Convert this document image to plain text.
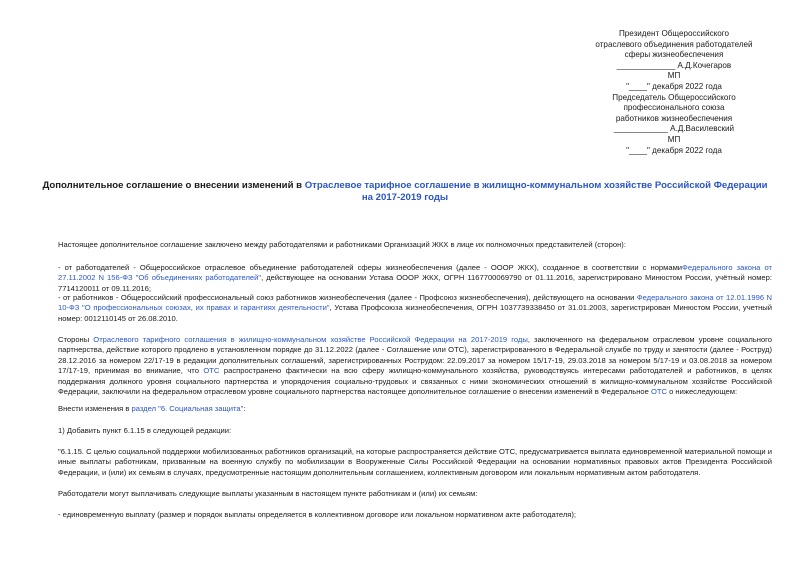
Президент Общероссийского
отраслевого объединения работодателей
сферы жизнеобеспечения
_____________ А.Д.Кочегаров
МП
"____" декабря 2022 года
Председатель Общероссийского
профессионального союза
работников жизнеобеспечения
____________ А.Д.Василевский
МП
"____" декабря 2022 года
Дополнительное соглашение о внесении изменений в Отраслевое тарифное соглашение в жилищно-коммунальном хозяйстве Российской Федерации на 2017-2019 годы
Настоящее дополнительное соглашение заключено между работодателями и работниками Организаций ЖКХ в лице их полномочных представителей (сторон):
- от работодателей - Общероссийское отраслевое объединение работодателей сферы жизнеобеспечения (далее - ОООР ЖКХ), созданное в соответствии с нормамиФедерального закона от 27.11.2002 N 156-ФЗ "Об объединениях работодателей", действующее на основании Устава ОООР ЖКХ, ОГРН 1167700069790 от 01.11.2016, зарегистрировано Минюстом России, учётный номер: 7714120011 от 09.11.2016;
- от работников - Общероссийский профессиональный союз работников жизнеобеспечения (далее - Профсоюз жизнеобеспечения), действующего на основании Федерального закона от 12.01.1996 N 10-ФЗ "О профессиональных союзах, их правах и гарантиях деятельности", Устава Профсоюза жизнеобеспечения, ОГРН 1037739338450 от 31.01.2003, зарегистрирован Минюстом России, учетный номер: 0012110145 от 26.08.2010.
Стороны Отраслевого тарифного соглашения в жилищно-коммунальном хозяйстве Российской Федерации на 2017-2019 годы, заключенного на федеральном отраслевом уровне социального партнерства, действие которого продлено в установленном порядке до 31.12.2022 (далее - Соглашение или ОТС), зарегистрированного в Федеральной службе по труду и занятости (далее - Роструд) 28.12.2016 за номером 22/17-19 в редакции дополнительных соглашений, зарегистрированных Рострудом: 22.09.2017 за номером 15/17-19, 29.03.2018 за номером 5/17-19 и 03.08.2018 за номером 17/17-19, принимая во внимание, что ОТС распространено фактически на всю сферу жилищно-коммунального хозяйства, руководствуясь интересами работодателей и работников, в целях поддержания должного уровня социального партнерства и упорядочения социально-трудовых и связанных с ними экономических отношений в жилищно-коммунальном хозяйстве Российской Федерации, заключили на федеральном отраслевом уровне социального партнерства настоящее дополнительное соглашение о внесении изменений в Федеральное ОТС о нижеследующем:
Внести изменения в раздел "6. Социальная защита":
1) Добавить пункт 6.1.15 в следующей редакции:
"6.1.15. С целью социальной поддержки мобилизованных работников организаций, на которые распространяется действие ОТС, предусматривается выплата единовременной материальной помощи и иные выплаты работникам, призванным на военную службу по мобилизации в Вооруженные Силы Российской Федерации на основании нормативных правовых актов Президента Российской Федерации, и (или) их семьям в случаях, предусмотренные настоящим дополнительным соглашением, коллективным договором или локальным нормативным актом работодателя.
Работодатели могут выплачивать следующие выплаты указанным в настоящем пункте работникам и (или) их семьям:
- единовременную выплату (размер и порядок выплаты определяется в коллективном договоре или локальном нормативном акте работодателя);
